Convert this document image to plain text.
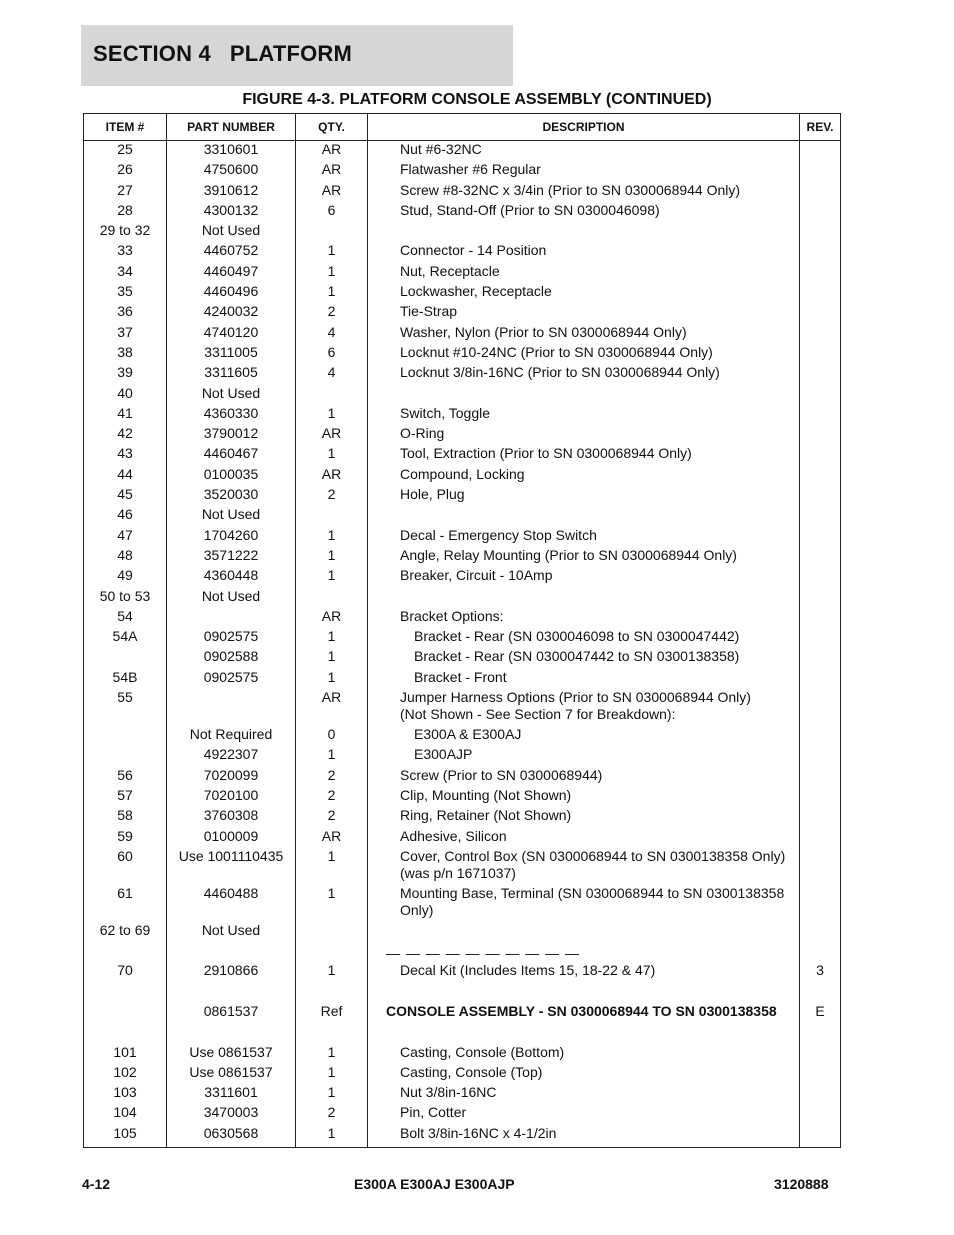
SECTION 4   PLATFORM
FIGURE 4-3. PLATFORM CONSOLE ASSEMBLY (CONTINUED)
ITEM #	PART NUMBER	QTY.	DESCRIPTION	REV.
25	3310601	AR	Nut #6-32NC	
26	4750600	AR	Flatwasher #6 Regular	
27	3910612	AR	Screw #8-32NC x 3/4in (Prior to SN 0300068944 Only)	
28	4300132	6	Stud, Stand-Off (Prior to SN 0300046098)	
29 to 32	Not Used			
33	4460752	1	Connector - 14 Position	
34	4460497	1	Nut, Receptacle	
35	4460496	1	Lockwasher, Receptacle	
36	4240032	2	Tie-Strap	
37	4740120	4	Washer, Nylon (Prior to SN 0300068944 Only)	
38	3311005	6	Locknut #10-24NC (Prior to SN 0300068944 Only)	
39	3311605	4	Locknut 3/8in-16NC (Prior to SN 0300068944 Only)	
40	Not Used			
41	4360330	1	Switch, Toggle	
42	3790012	AR	O-Ring	
43	4460467	1	Tool, Extraction (Prior to SN 0300068944 Only)	
44	0100035	AR	Compound, Locking	
45	3520030	2	Hole, Plug	
46	Not Used			
47	1704260	1	Decal - Emergency Stop Switch	
48	3571222	1	Angle, Relay Mounting (Prior to SN 0300068944 Only)	
49	4360448	1	Breaker, Circuit - 10Amp	
50 to 53	Not Used			
54		AR	Bracket Options:	
54A	0902575	1	Bracket - Rear (SN 0300046098 to SN 0300047442)	
	0902588	1	Bracket - Rear (SN 0300047442 to SN 0300138358)	
54B	0902575	1	Bracket - Front	
55		AR	Jumper Harness Options (Prior to SN 0300068944 Only)
(Not Shown - See Section 7 for Breakdown):	
	Not Required	0	E300A & E300AJ	
	4922307	1	E300AJP	
56	7020099	2	Screw (Prior to SN 0300068944)	
57	7020100	2	Clip, Mounting (Not Shown)	
58	3760308	2	Ring, Retainer (Not Shown)	
59	0100009	AR	Adhesive, Silicon	
60	Use 1001110435	1	Cover, Control Box (SN 0300068944 to SN 0300138358 Only)
(was p/n 1671037)	
61	4460488	1	Mounting Base, Terminal (SN 0300068944 to SN 0300138358
Only)	
62 to 69	Not Used			
			— — — — — — — — — —	
70	2910866	1	Decal Kit (Includes Items 15, 18-22 & 47)	3

	0861537	Ref	CONSOLE ASSEMBLY - SN 0300068944 TO SN 0300138358	E

101	Use 0861537	1	Casting, Console (Bottom)	
102	Use 0861537	1	Casting, Console (Top)	
103	3311601	1	Nut 3/8in-16NC	
104	3470003	2	Pin, Cotter	
105	0630568	1	Bolt 3/8in-16NC x 4-1/2in	
4-12	E300A E300AJ E300AJP	3120888
